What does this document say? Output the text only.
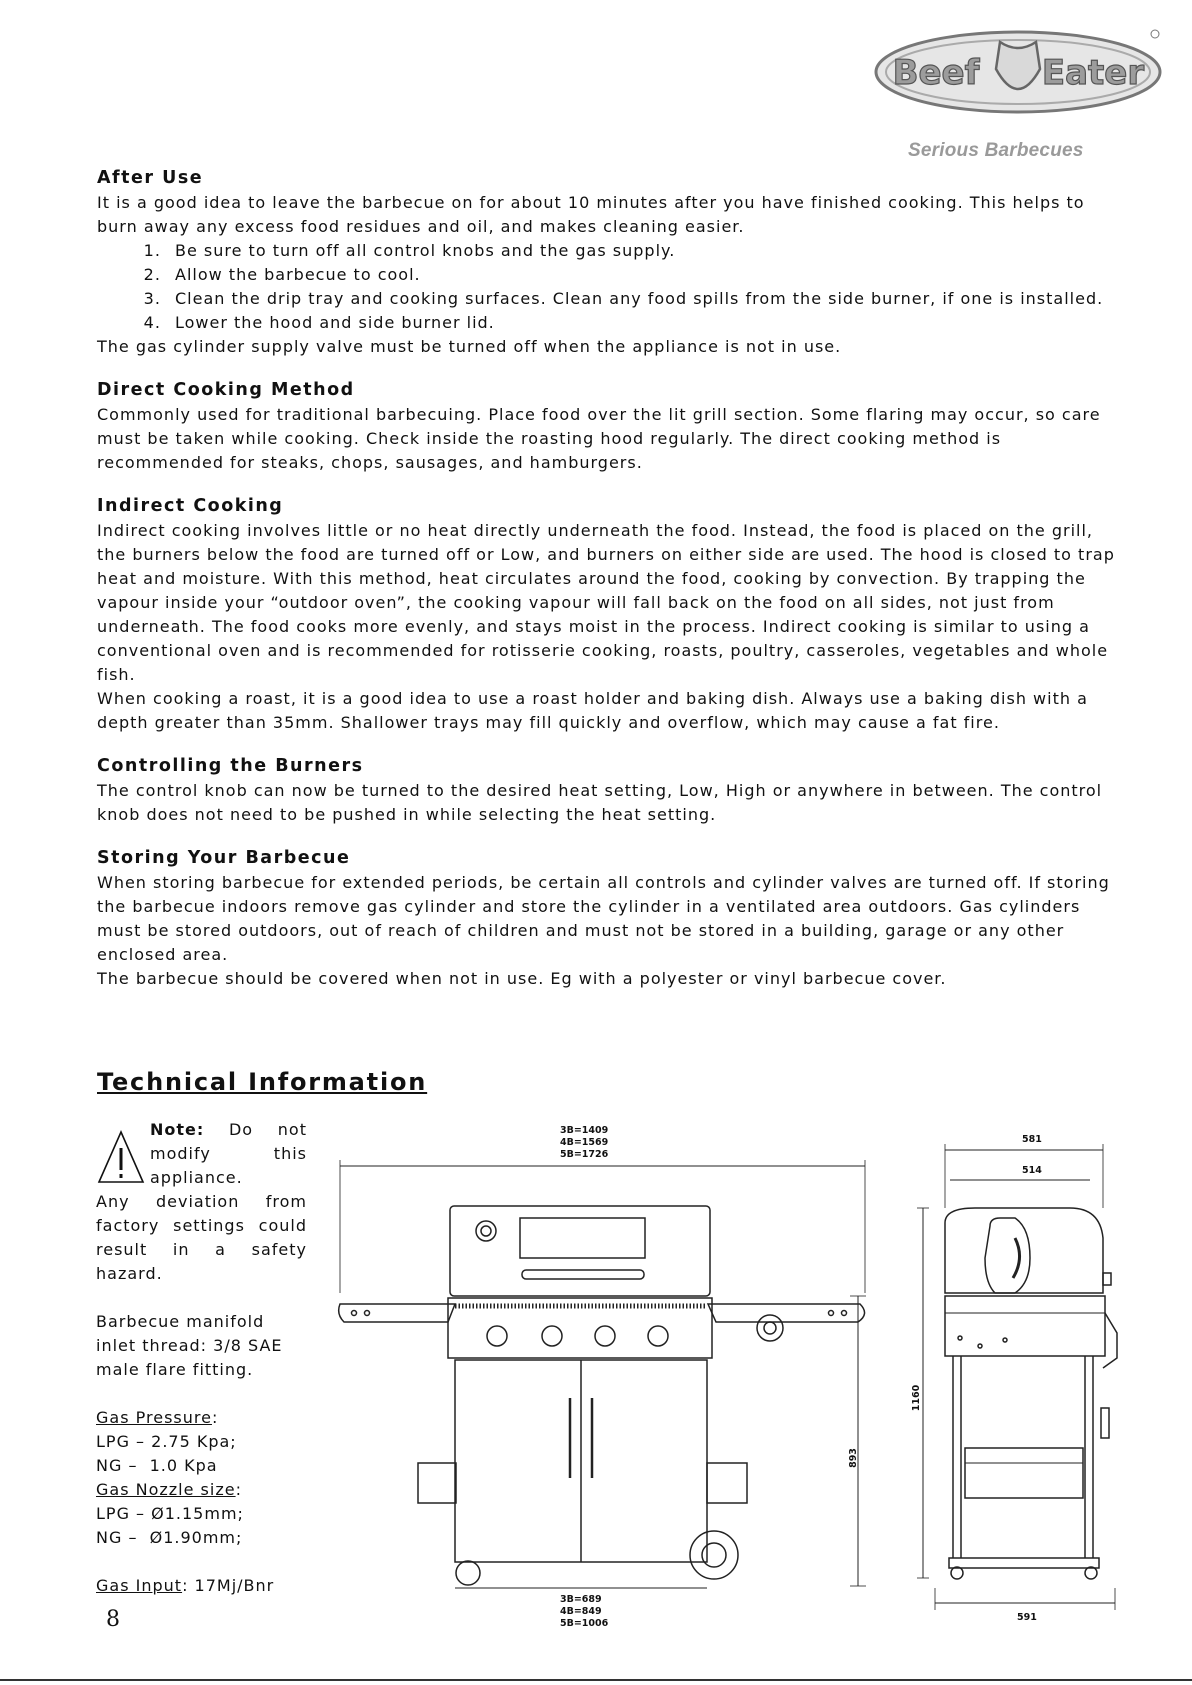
Beef Eater
Serious Barbecues
After Use

It is a good idea to leave the barbecue on for about 10 minutes after you have finished cooking. This helps to burn away any excess food residues and oil, and makes cleaning easier.

1. Be sure to turn off all control knobs and the gas supply.
2. Allow the barbecue to cool.
3. Clean the drip tray and cooking surfaces. Clean any food spills from the side burner, if one is installed.
4. Lower the hood and side burner lid.

The gas cylinder supply valve must be turned off when the appliance is not in use.

Direct Cooking Method

Commonly used for traditional barbecuing. Place food over the lit grill section. Some flaring may occur, so care must be taken while cooking. Check inside the roasting hood regularly. The direct cooking method is recommended for steaks, chops, sausages, and hamburgers.

Indirect Cooking

Indirect cooking involves little or no heat directly underneath the food. Instead, the food is placed on the grill, the burners below the food are turned off or Low, and burners on either side are used. The hood is closed to trap heat and moisture. With this method, heat circulates around the food, cooking by convection. By trapping the vapour inside your “outdoor oven”, the cooking vapour will fall back on the food on all sides, not just from underneath. The food cooks more evenly, and stays moist in the process. Indirect cooking is similar to using a conventional oven and is recommended for rotisserie cooking, roasts, poultry, casseroles, vegetables and whole fish.

When cooking a roast, it is a good idea to use a roast holder and baking dish. Always use a baking dish with a depth greater than 35mm. Shallower trays may fill quickly and overflow, which may cause a fat fire.

Controlling the Burners

The control knob can now be turned to the desired heat setting, Low, High or anywhere in between. The control knob does not need to be pushed in while selecting the heat setting.

Storing Your Barbecue

When storing barbecue for extended periods, be certain all controls and cylinder valves are turned off. If storing the barbecue indoors remove gas cylinder and store the cylinder in a ventilated area outdoors. Gas cylinders must be stored outdoors, out of reach of children and must not be stored in a building, garage or any other enclosed area.

The barbecue should be covered when not in use. Eg with a polyester or vinyl barbecue cover.

Technical Information
Note: Do not modify this appliance.
Any deviation from factory settings could result in a safety hazard.
Barbecue manifold inlet thread: 3/8 SAE male flare fitting.
Gas Pressure:
LPG – 2.75 Kpa;
NG –  1.0 Kpa
Gas Nozzle size:
LPG – Ø1.15mm;
NG –  Ø1.90mm;
Gas Input: 17Mj/Bnr
3B=1409
4B=1569
5B=1726
3B=689
4B=849
5B=1006
893
581
514
1160
591
8
